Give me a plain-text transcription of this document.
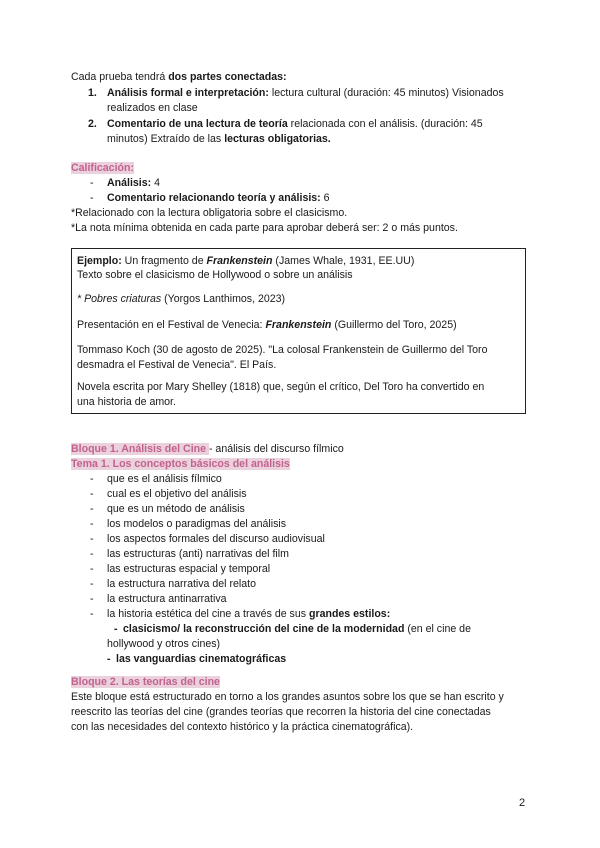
Cada prueba tendrá dos partes conectadas:
1. Análisis formal e interpretación: lectura cultural (duración: 45 minutos) Visionados
realizados en clase
2. Comentario de una lectura de teoría relacionada con el análisis. (duración: 45
minutos) Extraído de las lecturas obligatorias.
Calificación:
- Análisis: 4
- Comentario relacionando teoría y análisis: 6
*Relacionado con la lectura obligatoria sobre el clasicismo.
*La nota mínima obtenida en cada parte para aprobar deberá ser: 2 o más puntos.
Ejemplo: Un fragmento de Frankenstein (James Whale, 1931, EE.UU)
Texto sobre el clasicismo de Hollywood o sobre un análisis
* Pobres criaturas (Yorgos Lanthimos, 2023)
Presentación en el Festival de Venecia: Frankenstein (Guillermo del Toro, 2025)
Tommaso Koch (30 de agosto de 2025). "La colosal Frankenstein de Guillermo del Toro
desmadra el Festival de Venecia". El País.
Novela escrita por Mary Shelley (1818) que, según el crítico, Del Toro ha convertido en
una historia de amor.
Bloque 1. Análisis del Cine - análisis del discurso fílmico
Tema 1. Los conceptos básicos del análisis
- que es el análisis fílmico
- cual es el objetivo del análisis
- que es un método de análisis
- los modelos o paradigmas del análisis
- los aspectos formales del discurso audiovisual
- las estructuras (anti) narrativas del film
- las estructuras espacial y temporal
- la estructura narrativa del relato
- la estructura antinarrativa
- la historia estética del cine a través de sus grandes estilos:
- clasicismo/ la reconstrucción del cine de la modernidad (en el cine de
hollywood y otros cines)
- las vanguardias cinematográficas
Bloque 2. Las teorías del cine
Este bloque está estructurado en torno a los grandes asuntos sobre los que se han escrito y
reescrito las teorías del cine (grandes teorías que recorren la historia del cine conectadas
con las necesidades del contexto histórico y la práctica cinematográfica).
2
